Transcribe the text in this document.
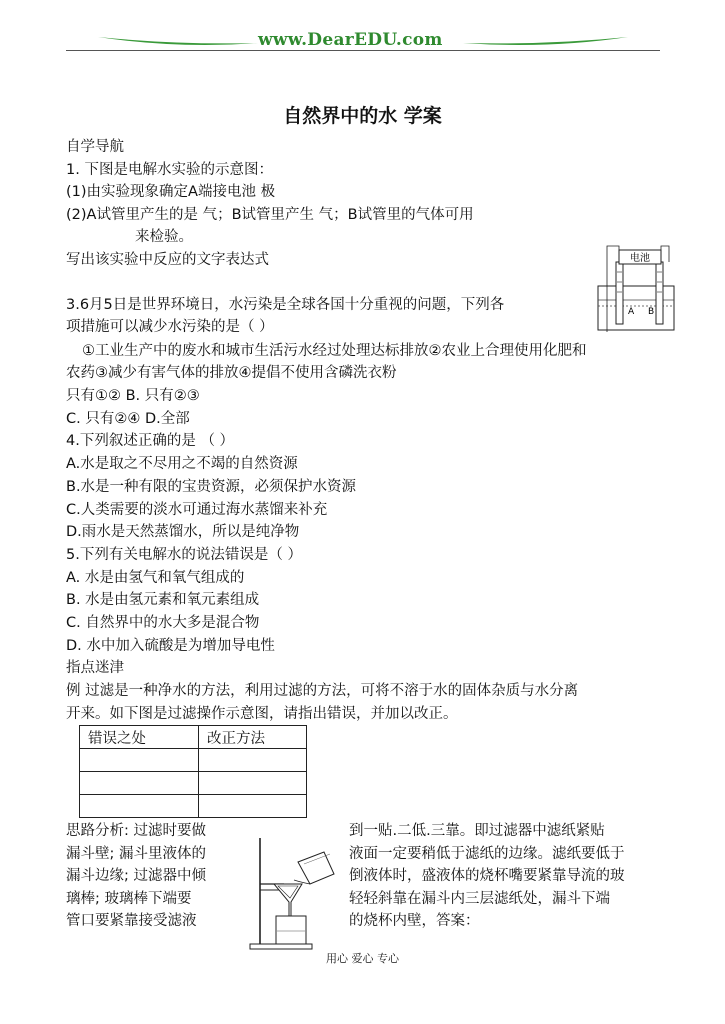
www.DearEDU.com
自然界中的水 学案
自学导航
1. 下图是电解水实验的示意图：
(1)由实验现象确定A端接电池 极
(2)A试管里产生的是 气；B试管里产生 气；B试管里的气体可用
来检验。
写出该实验中反应的文字表达式	电池
A B
3.6月5日是世界环境日，水污染是全球各国十分重视的问题，下列各
项措施可以减少水污染的是（ ）
①工业生产中的废水和城市生活污水经过处理达标排放②农业上合理使用化肥和
农药③减少有害气体的排放④提倡不使用含磷洗衣粉
只有①② B. 只有②③
C. 只有②④ D.全部
4.下列叙述正确的是 （ ）
A.水是取之不尽用之不竭的自然资源
B.水是一种有限的宝贵资源，必须保护水资源
C.人类需要的淡水可通过海水蒸馏来补充
D.雨水是天然蒸馏水，所以是纯净物
5.下列有关电解水的说法错误是（ ）
A. 水是由氢气和氧气组成的
B. 水是由氢元素和氧元素组成
C. 自然界中的水大多是混合物
D. 水中加入硫酸是为增加导电性
指点迷津
例 过滤是一种净水的方法，利用过滤的方法，可将不溶于水的固体杂质与水分离
开来。如下图是过滤操作示意图，请指出错误，并加以改正。
错误之处	改正方法

思路分析: 过滤时要做
漏斗壁; 漏斗里液体的
漏斗边缘; 过滤器中倾
璃棒; 玻璃棒下端要
管口要紧靠接受滤液
到一贴.二低.三靠。即过滤器中滤纸紧贴
液面一定要稍低于滤纸的边缘。滤纸要低于
倒液体时，盛液体的烧杯嘴要紧靠导流的玻
轻轻斜靠在漏斗内三层滤纸处，漏斗下端
的烧杯内壁，答案：
用心 爱心 专心
